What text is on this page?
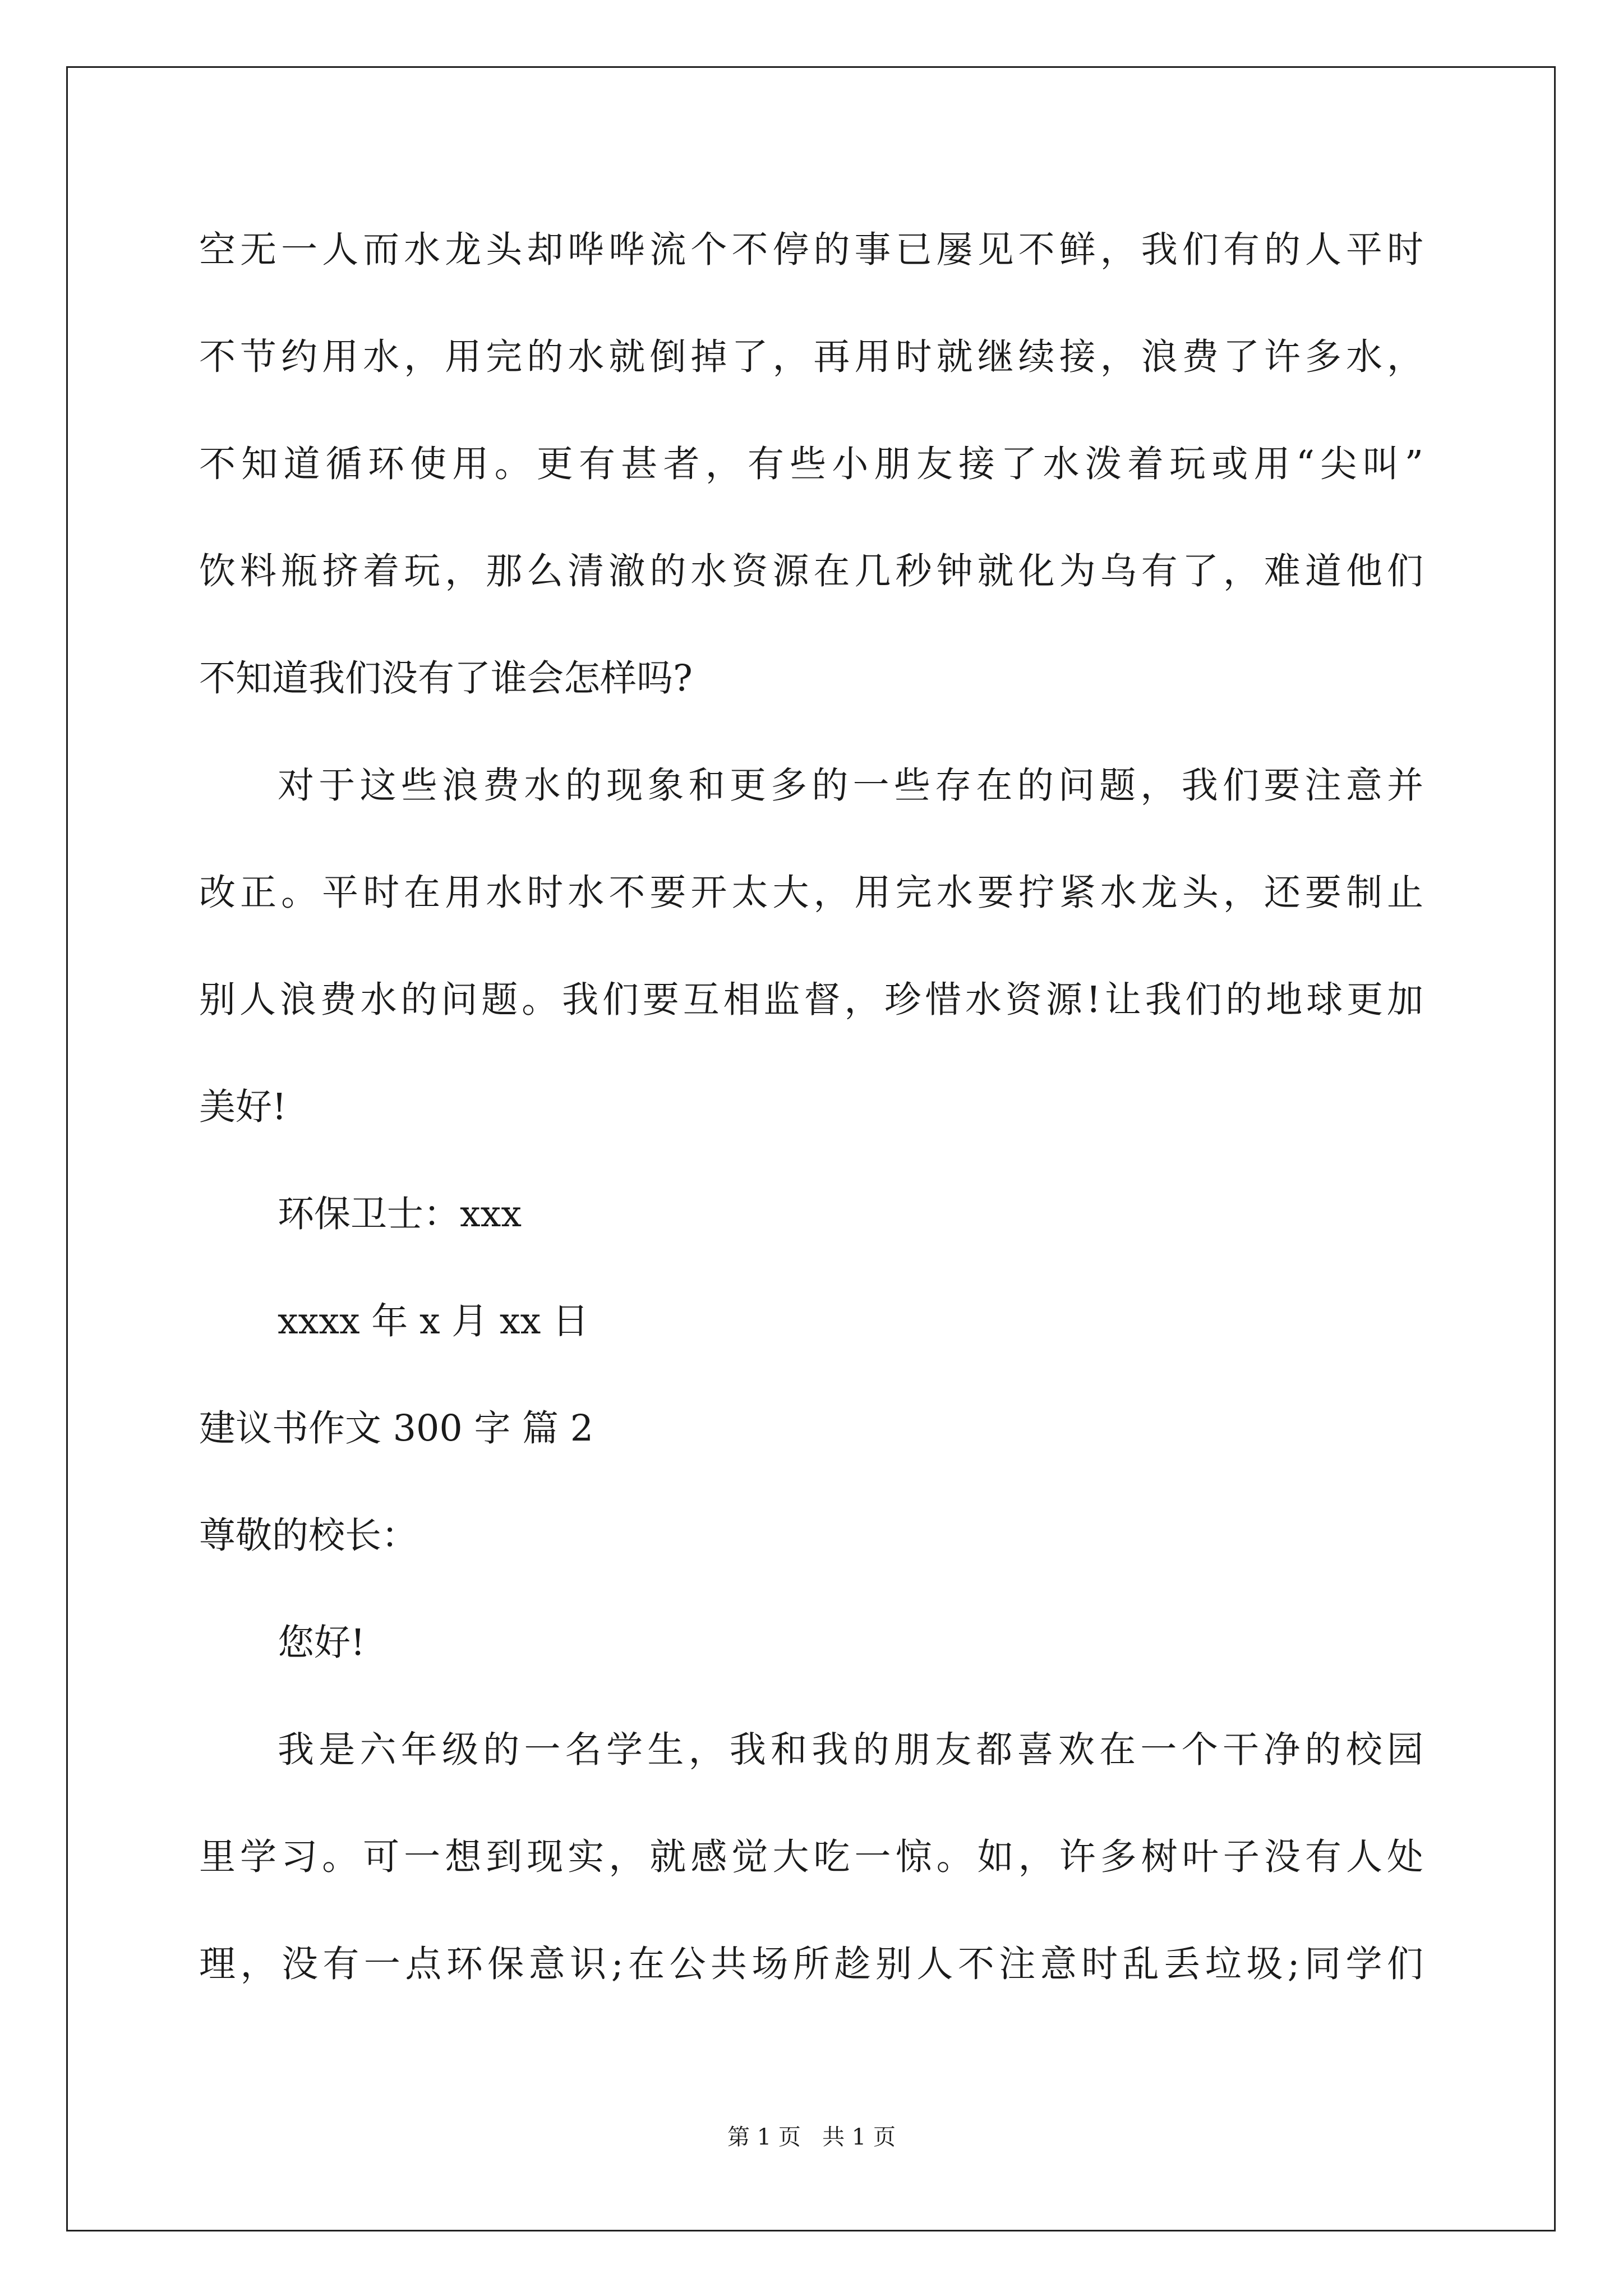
空无一人而水龙头却哗哗流个不停的事已屡见不鲜，我们有的人平时
不节约用水，用完的水就倒掉了，再用时就继续接，浪费了许多水，
不知道循环使用。更有甚者，有些小朋友接了水泼着玩或用“尖叫”
饮料瓶挤着玩，那么清澈的水资源在几秒钟就化为乌有了，难道他们
不知道我们没有了谁会怎样吗?
对于这些浪费水的现象和更多的一些存在的问题，我们要注意并
改正。平时在用水时水不要开太大，用完水要拧紧水龙头，还要制止
别人浪费水的问题。我们要互相监督，珍惜水资源!让我们的地球更加
美好!
环保卫士：xxx
xxxx 年 x 月 xx 日
建议书作文 300 字 篇 2
尊敬的校长：
您好!
我是六年级的一名学生，我和我的朋友都喜欢在一个干净的校园
里学习。可一想到现实，就感觉大吃一惊。如，许多树叶子没有人处
理，没有一点环保意识;在公共场所趁别人不注意时乱丢垃圾;同学们
第 1 页   共 1 页
